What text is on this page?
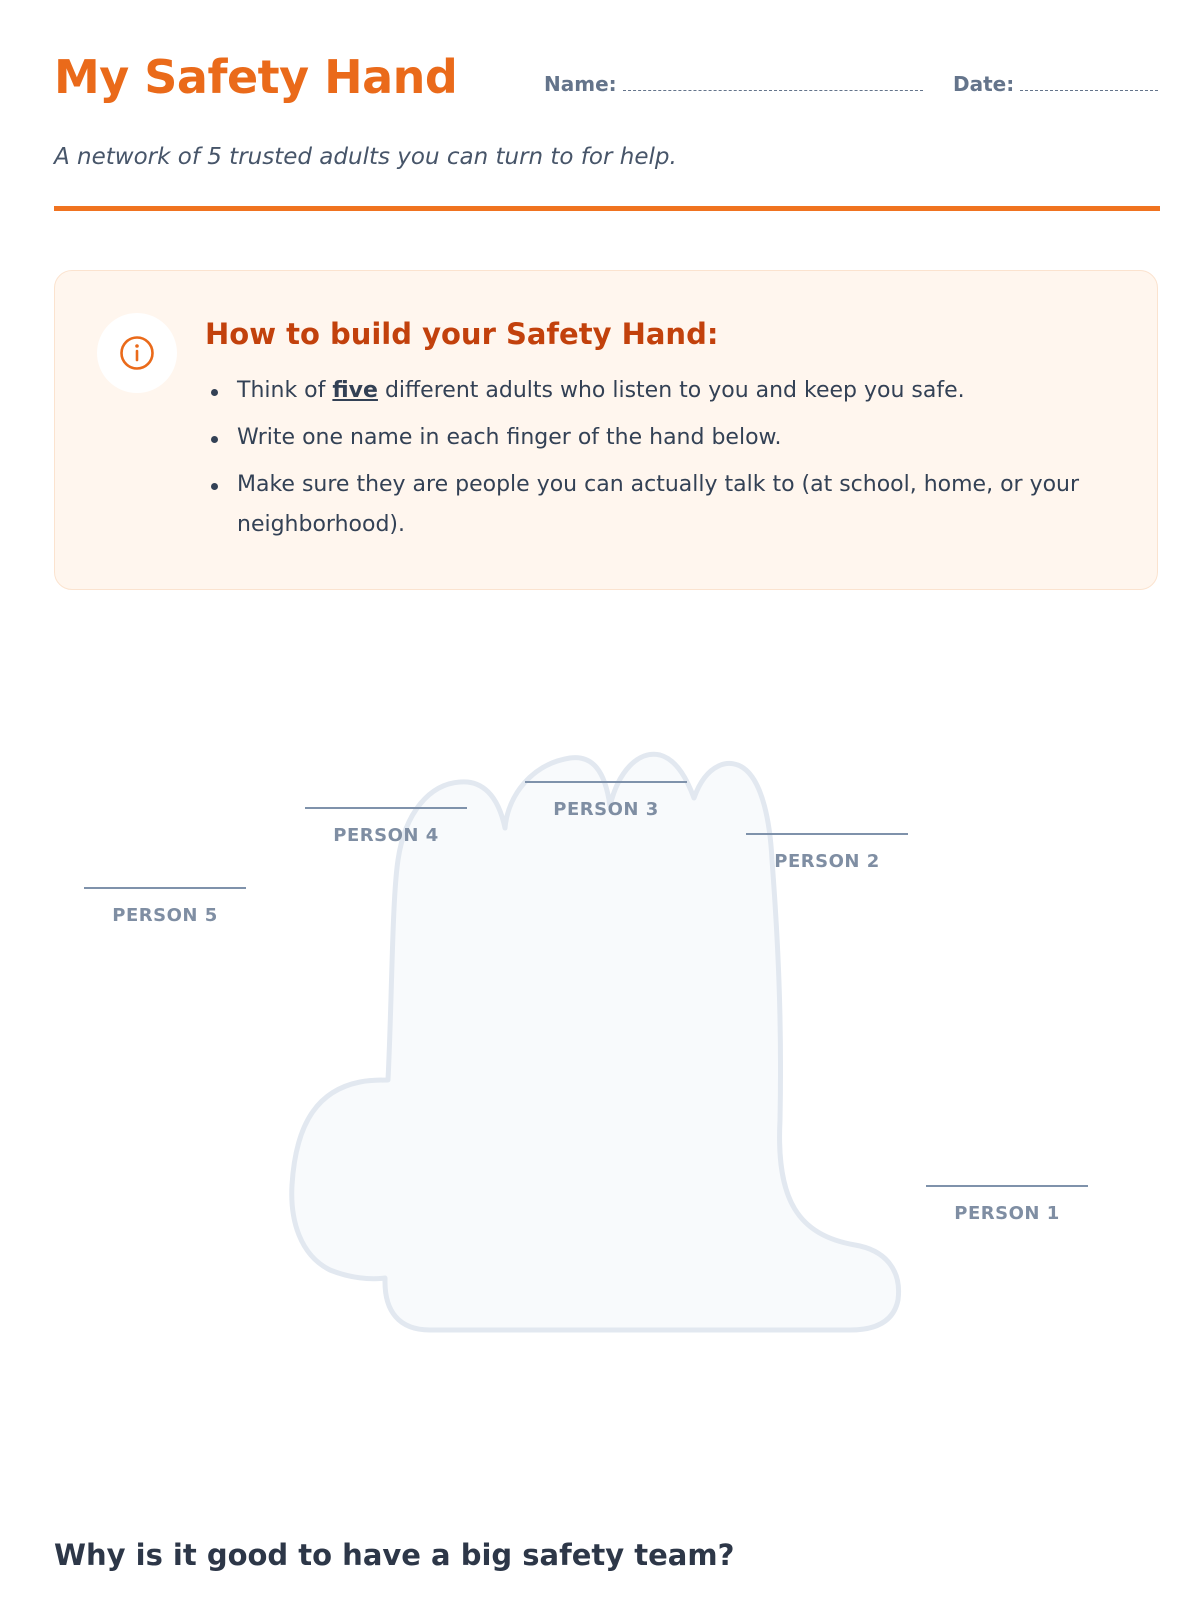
My Safety Hand	Name:	Date:
A network of 5 trusted adults you can turn to for help.
How to build your Safety Hand:
Think of five different adults who listen to you and keep you safe.
Write one name in each finger of the hand below.
Make sure they are people you can actually talk to (at school, home, or your neighborhood).
PERSON 5
PERSON 4
PERSON 3
PERSON 2
PERSON 1
Why is it good to have a big safety team?
